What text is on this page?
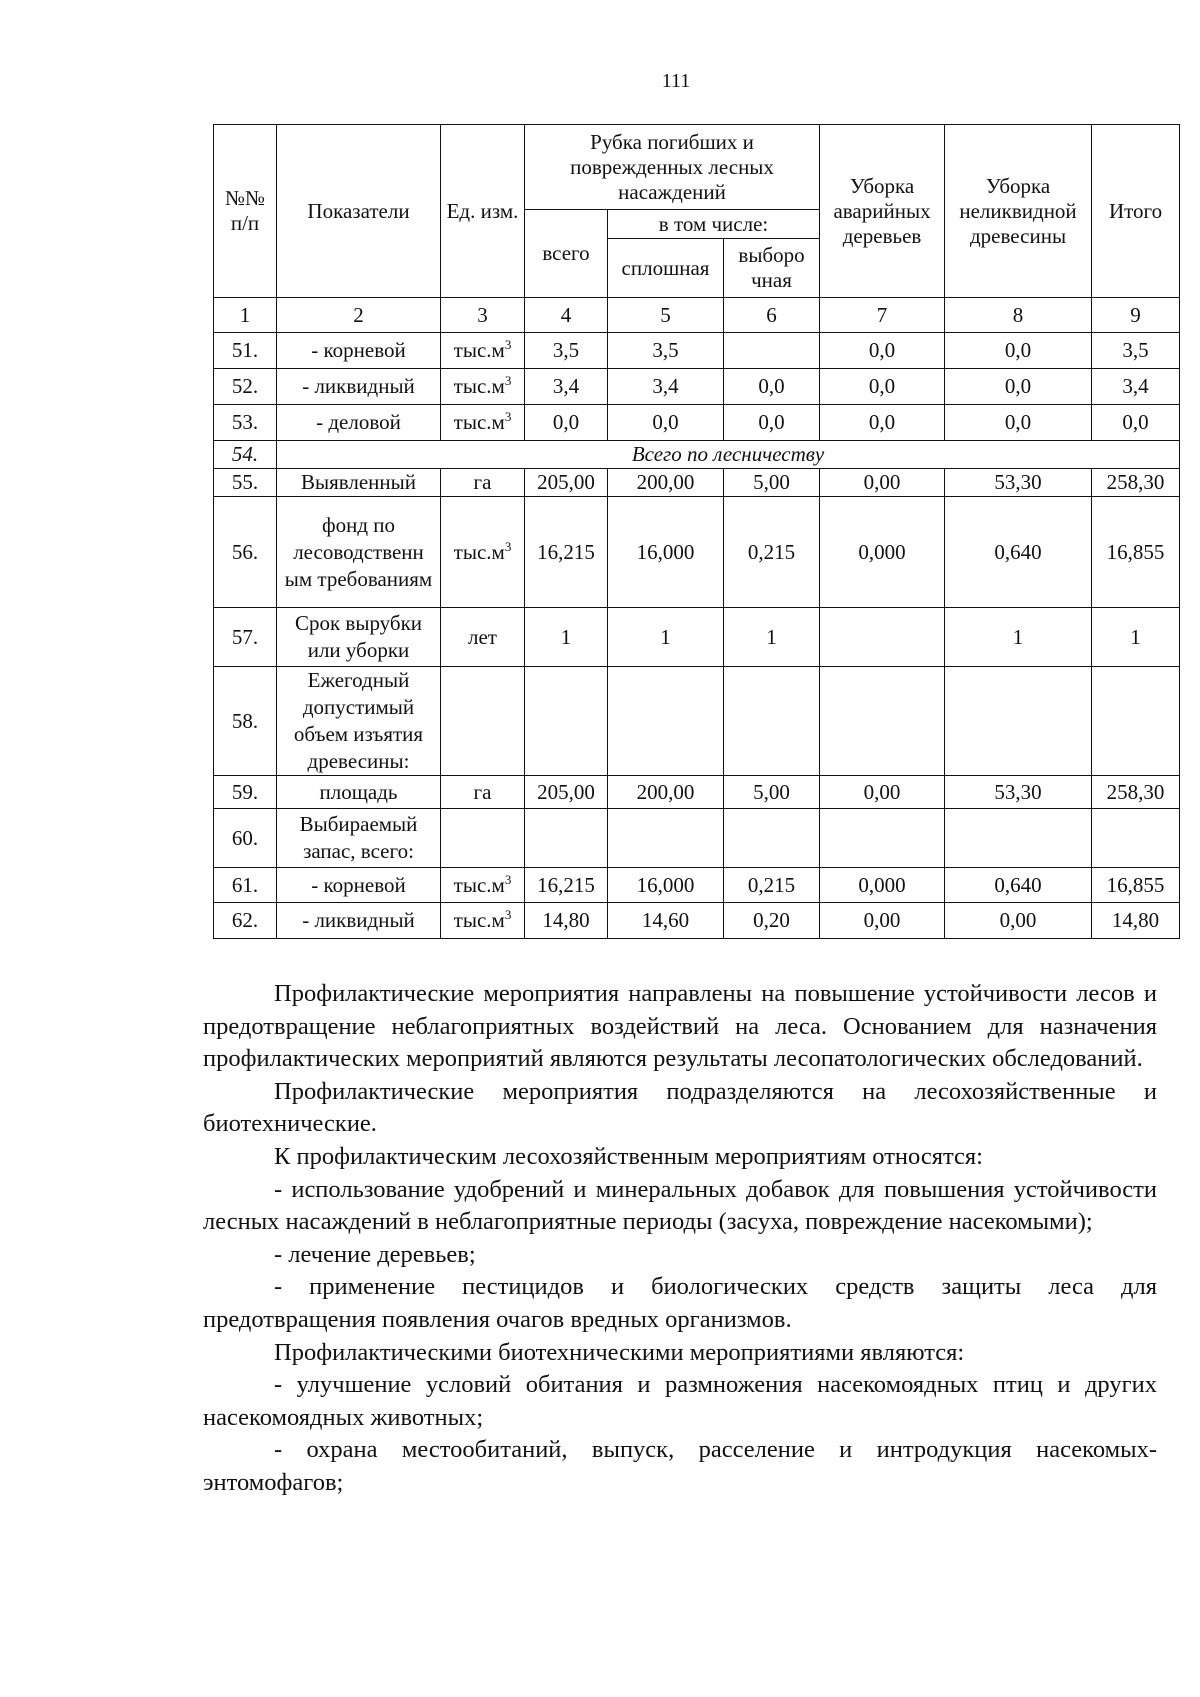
111
№№ п/п	Показатели	Ед. изм.	Рубка погибших и поврежденных лесных насаждений			Уборка аварийных деревьев	Уборка неликвидной древесины	Итого
			всего	в том числе:				
				сплошная	выборо чная			
1	2	3	4	5	6	7	8	9
51.	- корневой	$тыс.м^3$	3,5	3,5		0,0	0,0	3,5
52.	- ликвидный	$тыс.м^3$	3,4	3,4	0,0	0,0	0,0	3,4
53.	- деловой	$тыс.м^3$	0,0	0,0	0,0	0,0	0,0	0,0
54.	Всего по лесничеству							
55.	Выявленный	га	205,00	200,00	5,00	0,00	53,30	258,30
56.	фонд по лесоводственн ым требованиям	$тыс.м^3$	16,215	16,000	0,215	0,000	0,640	16,855
57.	Срок вырубки или уборки	лет	1	1	1		1	1
58.	Ежегодный допустимый объем изъятия древесины:							
59.	площадь	га	205,00	200,00	5,00	0,00	53,30	258,30
60.	Выбираемый запас, всего:							
61.	- корневой	$тыс.м^3$	16,215	16,000	0,215	0,000	0,640	16,855
62.	- ликвидный	$тыс.м^3$	14,80	14,60	0,20	0,00	0,00	14,80

Профилактические мероприятия направлены на повышение устойчивости лесов и предотвращение неблагоприятных воздействий на леса. Основанием для назначения профилактических мероприятий являются результаты лесопатологических обследований.

Профилактические мероприятия подразделяются на лесохозяйственные и биотехнические.

К профилактическим лесохозяйственным мероприятиям относятся:

- использование удобрений и минеральных добавок для повышения устойчивости лесных насаждений в неблагоприятные периоды (засуха, повреждение насекомыми);

- лечение деревьев;

- применение пестицидов и биологических средств защиты леса для предотвращения появления очагов вредных организмов.

Профилактическими биотехническими мероприятиями являются:

- улучшение условий обитания и размножения насекомоядных птиц и других насекомоядных животных;

- охрана местообитаний, выпуск, расселение и интродукция насекомых-энтомофагов;
